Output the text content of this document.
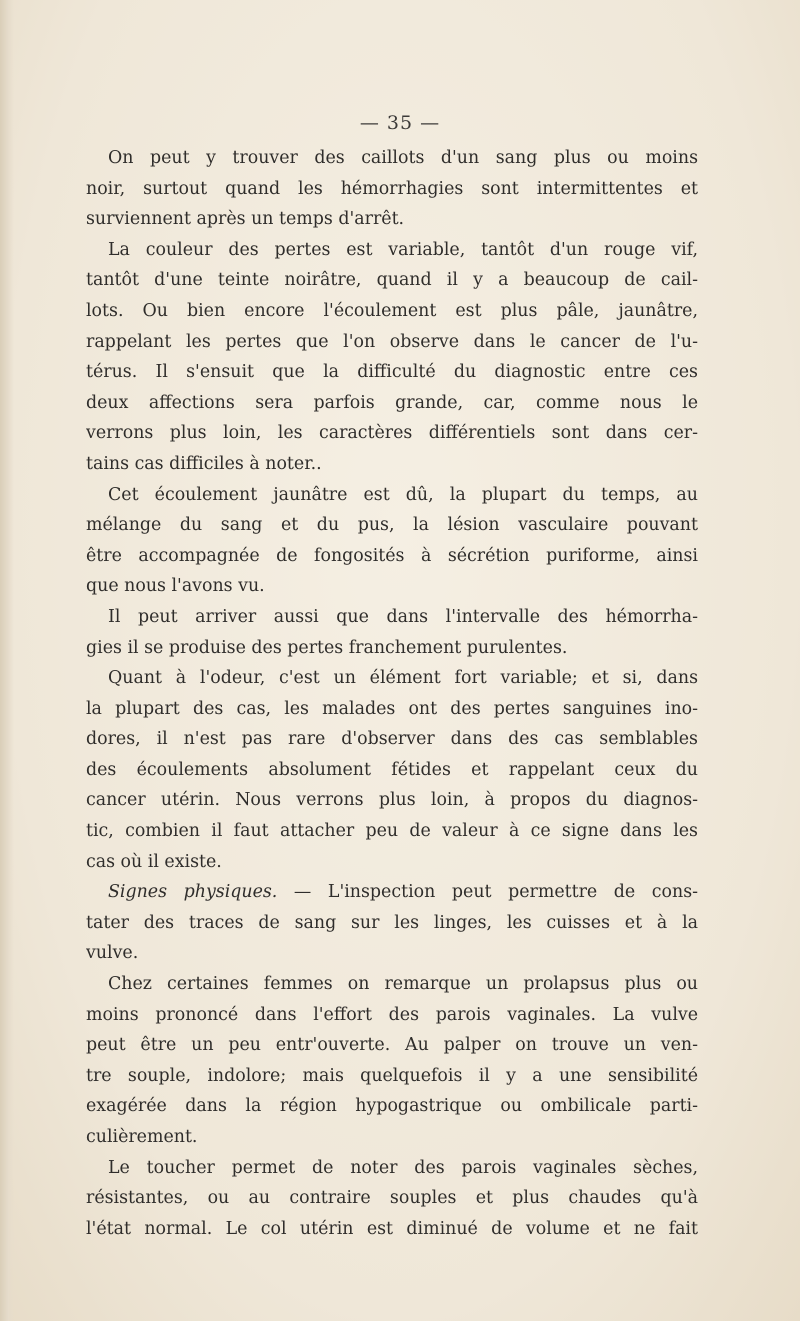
— 35 —
On peut y trouver des caillots d'un sang plus ou moins
noir, surtout quand les hémorrhagies sont intermittentes et
surviennent après un temps d'arrêt.
La couleur des pertes est variable, tantôt d'un rouge vif,
tantôt d'une teinte noirâtre, quand il y a beaucoup de cail-
lots. Ou bien encore l'écoulement est plus pâle, jaunâtre,
rappelant les pertes que l'on observe dans le cancer de l'u-
térus. Il s'ensuit que la difficulté du diagnostic entre ces
deux affections sera parfois grande, car, comme nous le
verrons plus loin, les caractères différentiels sont dans cer-
tains cas difficiles à noter..
Cet écoulement jaunâtre est dû, la plupart du temps, au
mélange du sang et du pus, la lésion vasculaire pouvant
être accompagnée de fongosités à sécrétion puriforme, ainsi
que nous l'avons vu.
Il peut arriver aussi que dans l'intervalle des hémorrha-
gies il se produise des pertes franchement purulentes.
Quant à l'odeur, c'est un élément fort variable; et si, dans
la plupart des cas, les malades ont des pertes sanguines ino-
dores, il n'est pas rare d'observer dans des cas semblables
des écoulements absolument fétides et rappelant ceux du
cancer utérin. Nous verrons plus loin, à propos du diagnos-
tic, combien il faut attacher peu de valeur à ce signe dans les
cas où il existe.
Signes physiques. — L'inspection peut permettre de cons-
tater des traces de sang sur les linges, les cuisses et à la
vulve.
Chez certaines femmes on remarque un prolapsus plus ou
moins prononcé dans l'effort des parois vaginales. La vulve
peut être un peu entr'ouverte. Au palper on trouve un ven-
tre souple, indolore; mais quelquefois il y a une sensibilité
exagérée dans la région hypogastrique ou ombilicale parti-
culièrement.
Le toucher permet de noter des parois vaginales sèches,
résistantes, ou au contraire souples et plus chaudes qu'à
l'état normal. Le col utérin est diminué de volume et ne fait
